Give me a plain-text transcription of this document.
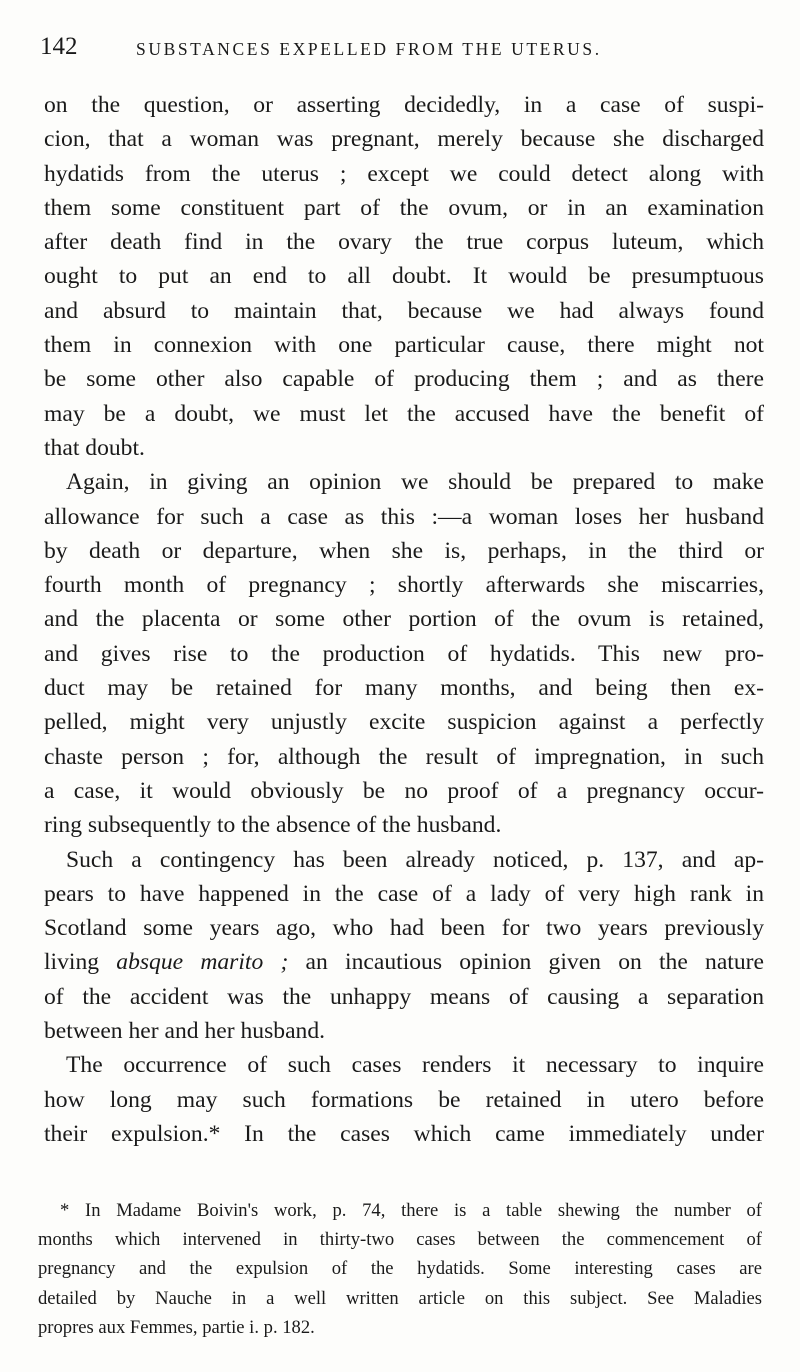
142	SUBSTANCES EXPELLED FROM THE UTERUS.
on the question, or asserting decidedly, in a case of suspi-
cion, that a woman was pregnant, merely because she discharged
hydatids from the uterus ; except we could detect along with
them some constituent part of the ovum, or in an examination
after death find in the ovary the true corpus luteum, which
ought to put an end to all doubt. It would be presumptuous
and absurd to maintain that, because we had always found
them in connexion with one particular cause, there might not
be some other also capable of producing them ; and as there
may be a doubt, we must let the accused have the benefit of
that doubt.
Again, in giving an opinion we should be prepared to make
allowance for such a case as this :—a woman loses her husband
by death or departure, when she is, perhaps, in the third or
fourth month of pregnancy ; shortly afterwards she miscarries,
and the placenta or some other portion of the ovum is retained,
and gives rise to the production of hydatids. This new pro-
duct may be retained for many months, and being then ex-
pelled, might very unjustly excite suspicion against a perfectly
chaste person ; for, although the result of impregnation, in such
a case, it would obviously be no proof of a pregnancy occur-
ring subsequently to the absence of the husband.
Such a contingency has been already noticed, p. 137, and ap-
pears to have happened in the case of a lady of very high rank in
Scotland some years ago, who had been for two years previously
living absque marito ; an incautious opinion given on the nature
of the accident was the unhappy means of causing a separation
between her and her husband.
The occurrence of such cases renders it necessary to inquire
how long may such formations be retained in utero before
their expulsion.* In the cases which came immediately under
* In Madame Boivin's work, p. 74, there is a table shewing the number of
months which intervened in thirty-two cases between the commencement of
pregnancy and the expulsion of the hydatids. Some interesting cases are
detailed by Nauche in a well written article on this subject. See Maladies
propres aux Femmes, partie i. p. 182.
